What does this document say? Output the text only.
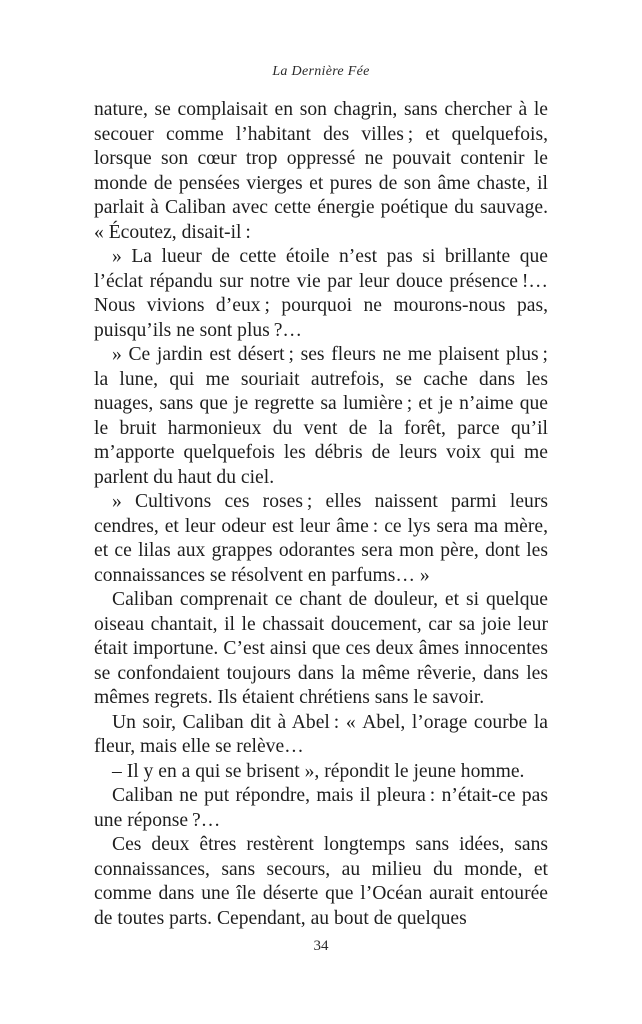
La Dernière Fée

nature, se complaisait en son chagrin, sans chercher à le secouer comme l’habitant des villes ; et quelquefois, lorsque son cœur trop oppressé ne pouvait contenir le monde de pensées vierges et pures de son âme chaste, il parlait à Caliban avec cette énergie poétique du sauvage. « Écoutez, disait-il :

» La lueur de cette étoile n’est pas si brillante que l’éclat répandu sur notre vie par leur douce présence !… Nous vivions d’eux ; pourquoi ne mourons-nous pas, puisqu’ils ne sont plus ?…

» Ce jardin est désert ; ses fleurs ne me plaisent plus ; la lune, qui me souriait autrefois, se cache dans les nuages, sans que je regrette sa lumière ; et je n’aime que le bruit harmonieux du vent de la forêt, parce qu’il m’apporte quelquefois les débris de leurs voix qui me parlent du haut du ciel.

» Cultivons ces roses ; elles naissent parmi leurs cendres, et leur odeur est leur âme : ce lys sera ma mère, et ce lilas aux grappes odorantes sera mon père, dont les connaissances se résolvent en parfums… »

Caliban comprenait ce chant de douleur, et si quelque oiseau chantait, il le chassait doucement, car sa joie leur était importune. C’est ainsi que ces deux âmes innocentes se confondaient toujours dans la même rêverie, dans les mêmes regrets. Ils étaient chrétiens sans le savoir.

Un soir, Caliban dit à Abel : « Abel, l’orage courbe la fleur, mais elle se relève…

– Il y en a qui se brisent », répondit le jeune homme.

Caliban ne put répondre, mais il pleura : n’était-ce pas une réponse ?…

Ces deux êtres restèrent longtemps sans idées, sans connaissances, sans secours, au milieu du monde, et comme dans une île déserte que l’Océan aurait entourée de toutes parts. Cependant, au bout de quelques

34
